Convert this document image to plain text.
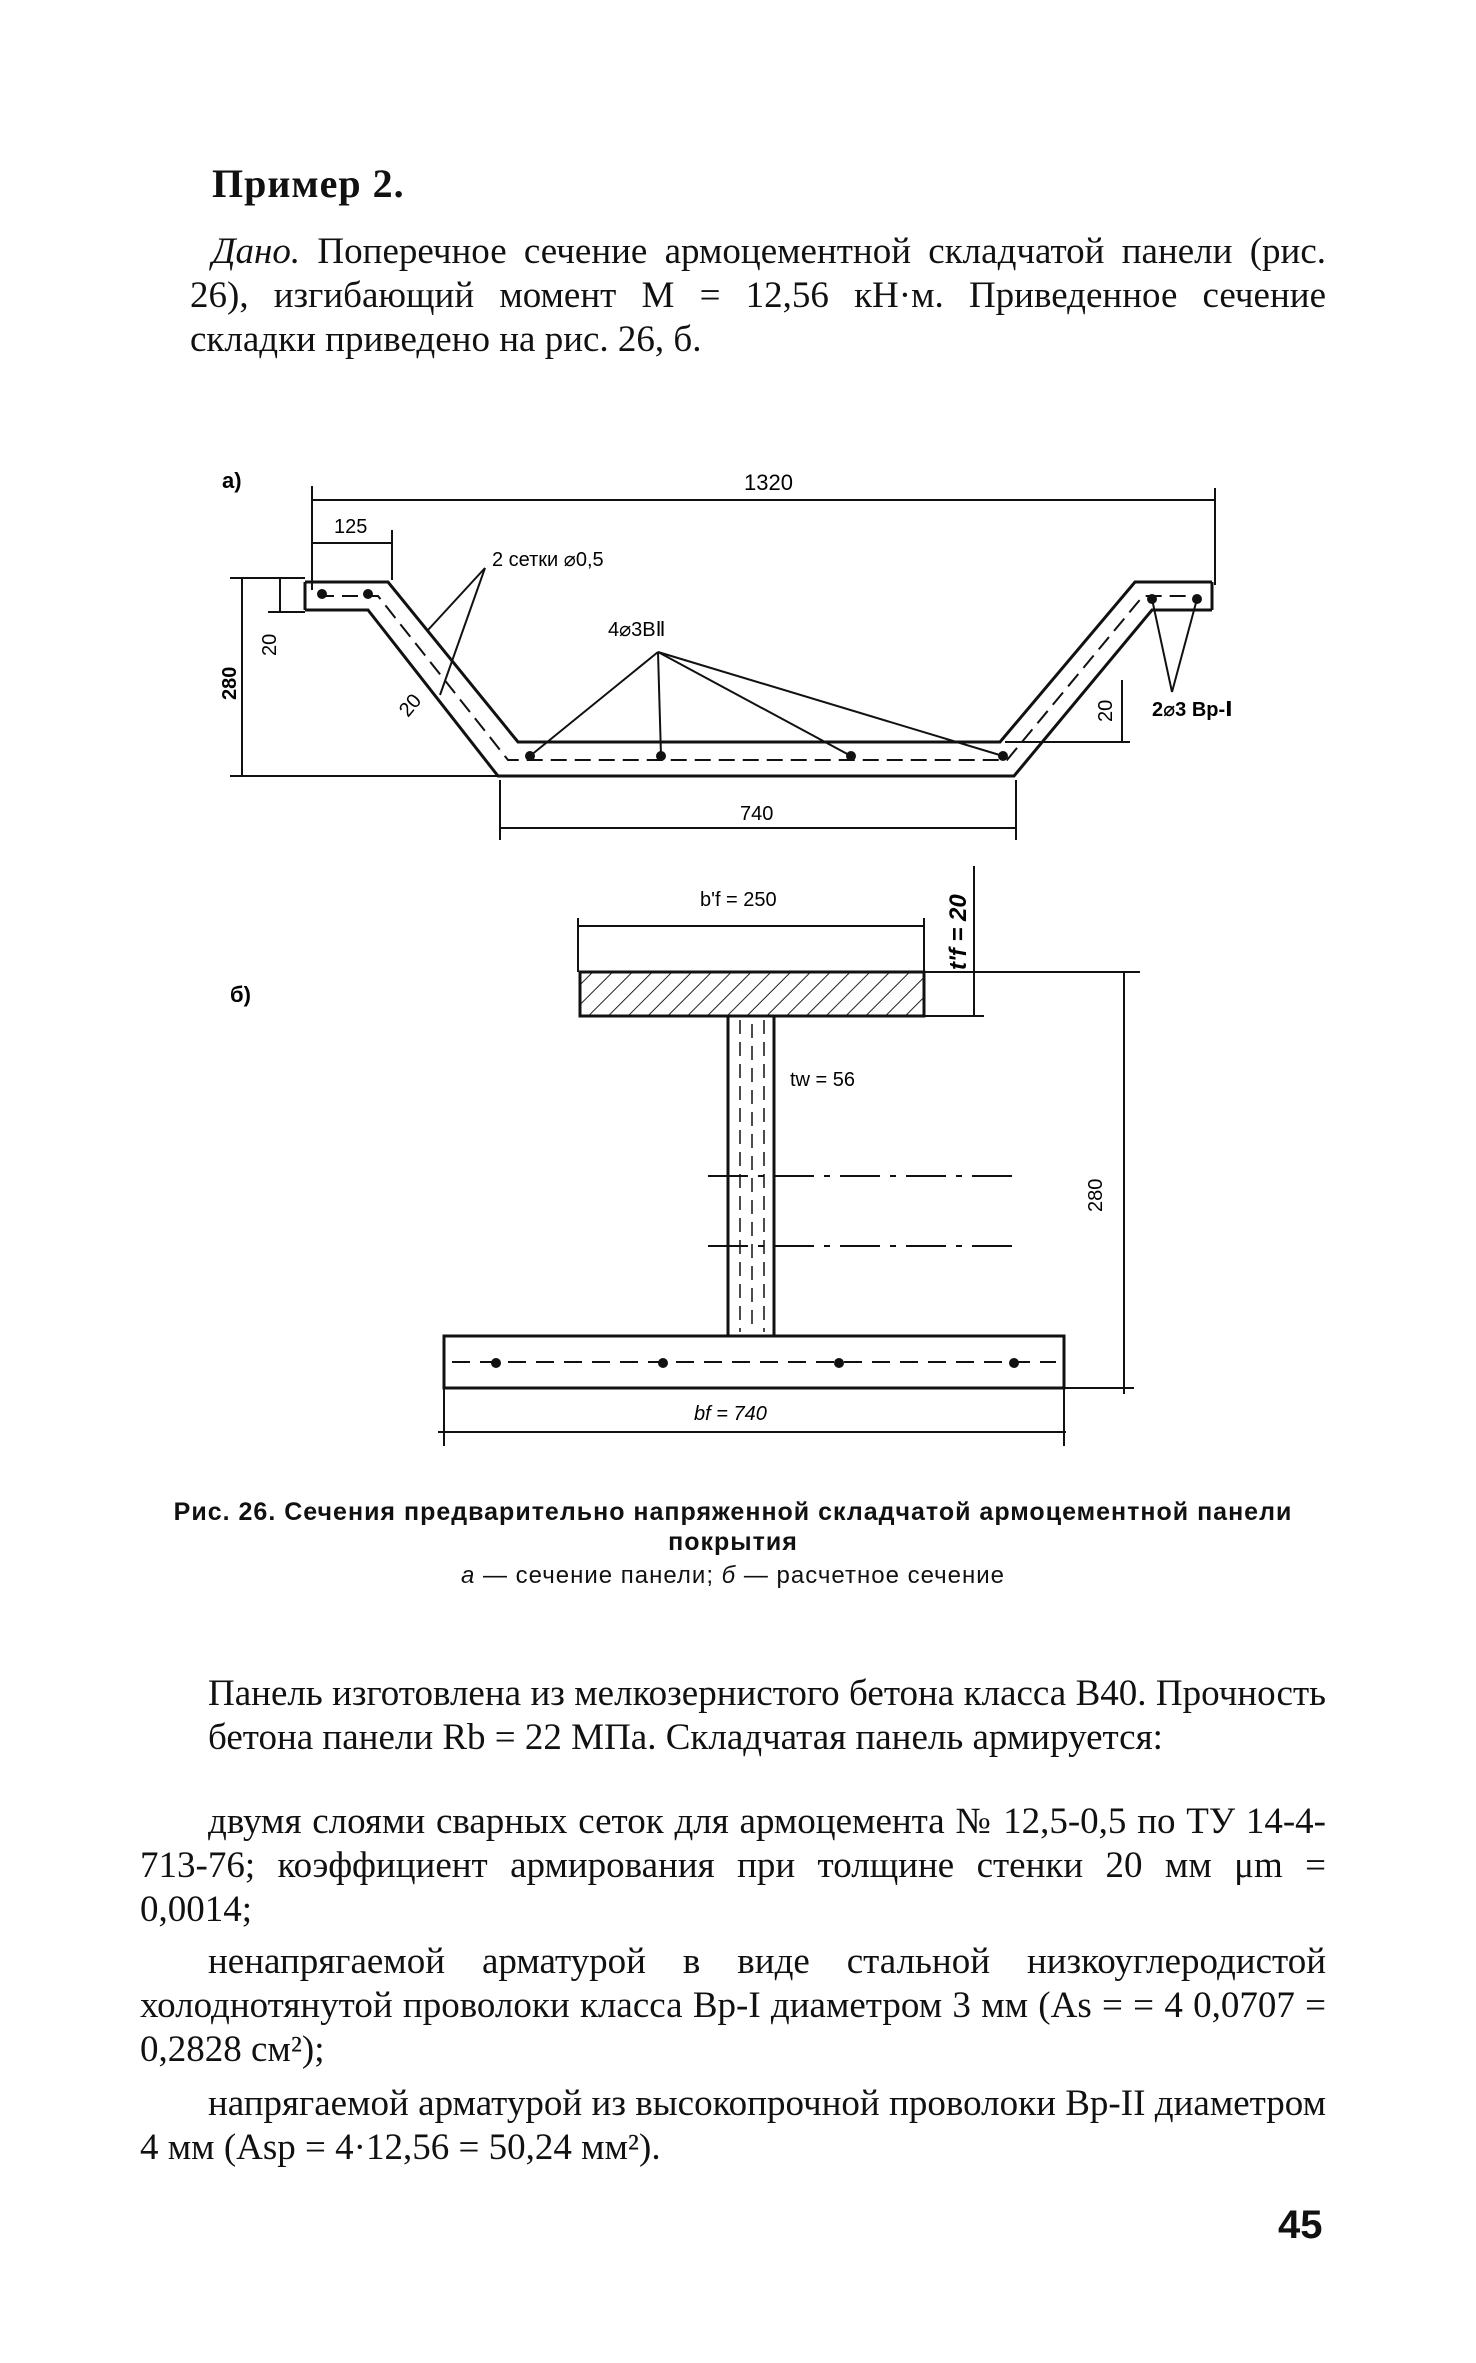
Пример 2.
Дано. Поперечное сечение армоцементной складчатой панели (рис. 26), изгибающий момент M = 12,56 кН·м. Приведенное сечение складки приведено на рис. 26, б.
а)	1320
125
280
20
20
2 сетки ⌀0,5
4⌀3ВⅡ
20 2⌀3 Вр-Ⅰ
740
б)
b'f = 250	t'f = 20
tw = 56
280
bf = 740
Рис. 26. Сечения предварительно напряженной складчатой армоцементной панели покрытия
а — сечение панели; б — расчетное сечение
Панель изготовлена из мелкозернистого бетона класса В40. Прочность бетона панели Rb = 22 МПа. Складчатая панель армируется:
двумя слоями сварных сеток для армоцемента № 12,5-0,5 по ТУ 14-4-713-76; коэффициент армирования при толщине стенки 20 мм μm = 0,0014;
ненапрягаемой арматурой в виде стальной низкоуглеродистой холоднотянутой проволоки класса Вр-I диаметром 3 мм (As = = 4 0,0707 = 0,2828 см²);
напрягаемой арматурой из высокопрочной проволоки Вр-II диаметром 4 мм (Asp = 4·12,56 = 50,24 мм²).
45
